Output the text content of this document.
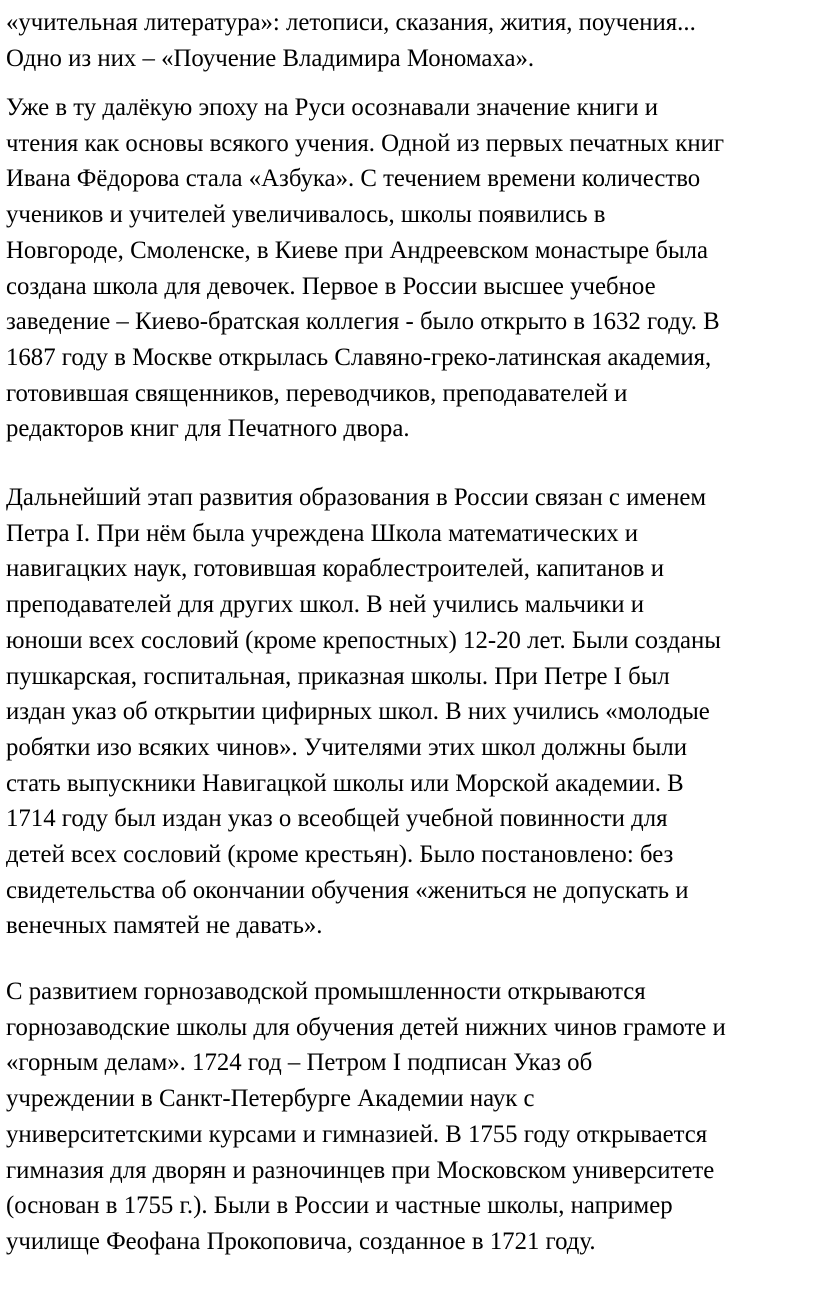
«учительная литература»: летописи, сказания, жития, поучения...
Одно из них – «Поучение Владимира Мономаха».

Уже в ту далёкую эпоху на Руси осознавали значение книги и
чтения как основы всякого учения. Одной из первых печатных книг
Ивана Фёдорова стала «Азбука». С течением времени количество
учеников и учителей увеличивалось, школы появились в
Новгороде, Смоленске, в Киеве при Андреевском монастыре была
создана школа для девочек. Первое в России высшее учебное
заведение – Киево-братская коллегия - было открыто в 1632 году. В
1687 году в Москве открылась Славяно-греко-латинская академия,
готовившая священников, переводчиков, преподавателей и
редакторов книг для Печатного двора.

Дальнейший этап развития образования в России связан с именем
Петра I. При нём была учреждена Школа математических и
навигацких наук, готовившая кораблестроителей, капитанов и
преподавателей для других школ. В ней учились мальчики и
юноши всех сословий (кроме крепостных) 12-20 лет. Были созданы
пушкарская, госпитальная, приказная школы. При Петре I был
издан указ об открытии цифирных школ. В них учились «молодые
робятки изо всяких чинов». Учителями этих школ должны были
стать выпускники Навигацкой школы или Морской академии. В
1714 году был издан указ о всеобщей учебной повинности для
детей всех сословий (кроме крестьян). Было постановлено: без
свидетельства об окончании обучения «жениться не допускать и
венечных памятей не давать».

С развитием горнозаводской промышленности открываются
горнозаводские школы для обучения детей нижних чинов грамоте и
«горным делам». 1724 год – Петром I подписан Указ об
учреждении в Санкт-Петербурге Академии наук с
университетскими курсами и гимназией. В 1755 году открывается
гимназия для дворян и разночинцев при Московском университете
(основан в 1755 г.). Были в России и частные школы, например
училище Феофана Прокоповича, созданное в 1721 году.
